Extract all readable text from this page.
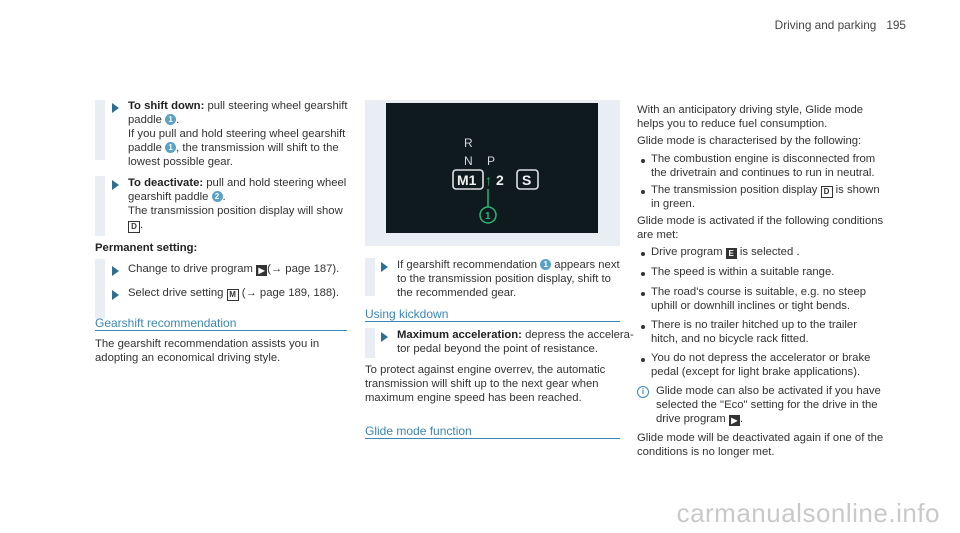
Driving and parking 195
To shift down: pull steering wheel gearshift
paddle 1 .
If you pull and hold steering wheel gearshift
paddle 1 , the transmission will shift to the
lowest possible gear.
To deactivate: pull and hold steering wheel
gearshift paddle 2 .
The transmission position display will show
D .
Permanent setting:
Change to drive program ▶ (→ page 187).
Select drive setting M (→ page 189, 188).
Gearshift recommendation
The gearshift recommendation assists you in
adopting an economical driving style.
R
N P
M1 ↑ 2 S
1
If gearshift recommendation 1 appears next
to the transmission position display, shift to
the recommended gear.
Using kickdown
Maximum acceleration: depress the accelera-
tor pedal beyond the point of resistance.
To protect against engine overrev, the automatic
transmission will shift up to the next gear when
maximum engine speed has been reached.
Glide mode function
With an anticipatory driving style, Glide mode
helps you to reduce fuel consumption.
Glide mode is characterised by the following:
The combustion engine is disconnected from
the drivetrain and continues to run in neutral.
The transmission position display D is shown
in green.
Glide mode is activated if the following conditions
are met:
Drive program E is selected .
The speed is within a suitable range.
The road's course is suitable, e.g. no steep
uphill or downhill inclines or tight bends.
There is no trailer hitched up to the trailer
hitch, and no bicycle rack fitted.
You do not depress the accelerator or brake
pedal (except for light brake applications).
i	Glide mode can also be activated if you have
selected the "Eco" setting for the drive in the
drive program ▶ .
Glide mode will be deactivated again if one of the
conditions is no longer met.
carmanualsonline.info
